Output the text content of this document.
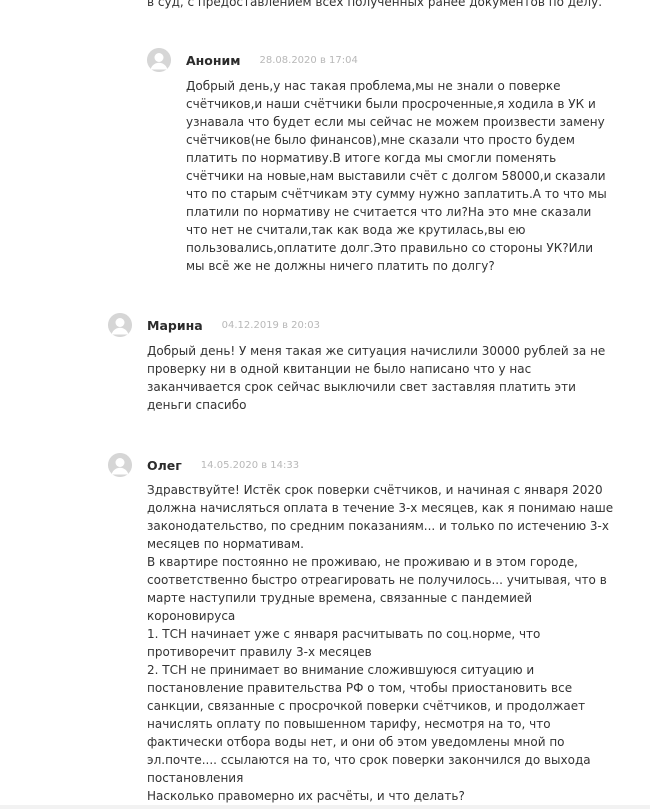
в суд, с предоставлением всех полученных ранее документов по делу.
Аноним 28.08.2020 в 17:04

Добрый день,у нас такая проблема,мы не знали о поверке

счётчиков,и наши счётчики были просроченные,я ходила в УК и

узнавала что будет если мы сейчас не можем произвести замену

счётчиков(не было финансов),мне сказали что просто будем

платить по нормативу.В итоге когда мы смогли поменять

счётчики на новые,нам выставили счёт с долгом 58000,и сказали

что по старым счётчикам эту сумму нужно заплатить.А то что мы

платили по нормативу не считается что ли?На это мне сказали

что нет не считали,так как вода же крутилась,вы ею

пользовались,оплатите долг.Это правильно со стороны УК?Или

мы всё же не должны ничего платить по долгу?

Марина 04.12.2019 в 20:03

Добрый день! У меня такая же ситуация начислили 30000 рублей за не

проверку ни в одной квитанции не было написано что у нас

заканчивается срок сейчас выключили свет заставляя платить эти

деньги спасибо

Олег 14.05.2020 в 14:33

Здравствуйте! Истёк срок поверки счётчиков, и начиная с января 2020

должна начисляться оплата в течение 3-х месяцев, как я понимаю наше

законодательство, по средним показаниям... и только по истечению 3-х

месяцев по нормативам.

В квартире постоянно не проживаю, не проживаю и в этом городе,

соответственно быстро отреагировать не получилось... учитывая, что в

марте наступили трудные времена, связанные с пандемией

короновируса

1. ТСН начинает уже с января расчитывать по соц.норме, что

противоречит правилу 3-х месяцев

2. ТСН не принимает во внимание сложившуюся ситуацию и

постановление правительства РФ о том, чтобы приостановить все

санкции, связанные с просрочкой поверки счётчиков, и продолжает

начислять оплату по повышенном тарифу, несмотря на то, что

фактически отбора воды нет, и они об этом уведомлены мной по

эл.почте.... ссылаются на то, что срок поверки закончился до выхода

постановления

Насколько правомерно их расчёты, и что делать?
